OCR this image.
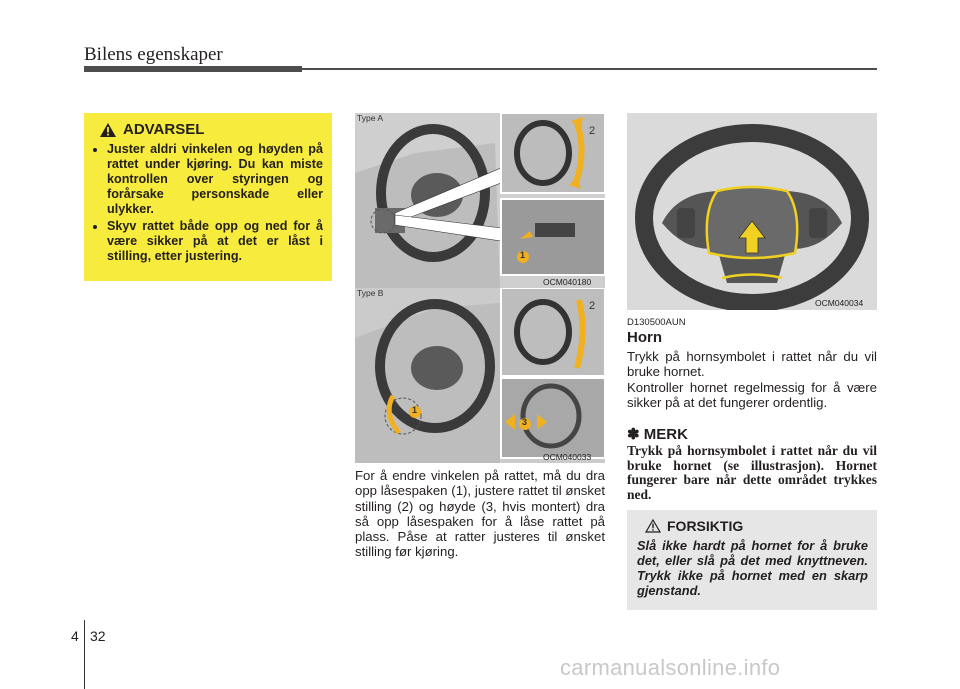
Bilens egenskaper
ADVARSEL
• Juster aldri vinkelen og høyden på rattet under kjøring. Du kan miste kontrollen over styringen og forårsake personskade eller ulykker.
• Skyv rattet både opp og ned for å være sikker på at det er låst i stilling, etter justering.
Type A
2
1
OCM040180
Type B
2
1
3
OCM040033
For å endre vinkelen på rattet, må du dra opp låsespaken (1), justere rattet til ønsket stilling (2) og høyde (3, hvis montert) dra så opp låsespaken for å låse rattet på plass. Påse at ratter justeres til ønsket stilling før kjøring.
OCM040034
D130500AUN
Horn
Trykk på hornsymbolet i rattet når du vil bruke hornet.
Kontroller hornet regelmessig for å være sikker på at det fungerer ordentlig.
✽ MERK
Trykk på hornsymbolet i rattet når du vil bruke hornet (se illustrasjon). Hornet fungerer bare når dette området trykkes ned.
FORSIKTIG
Slå ikke hardt på hornet for å bruke det, eller slå på det med knyttneven. Trykk ikke på hornet med en skarp gjenstand.
4 32
carmanualsonline.info
